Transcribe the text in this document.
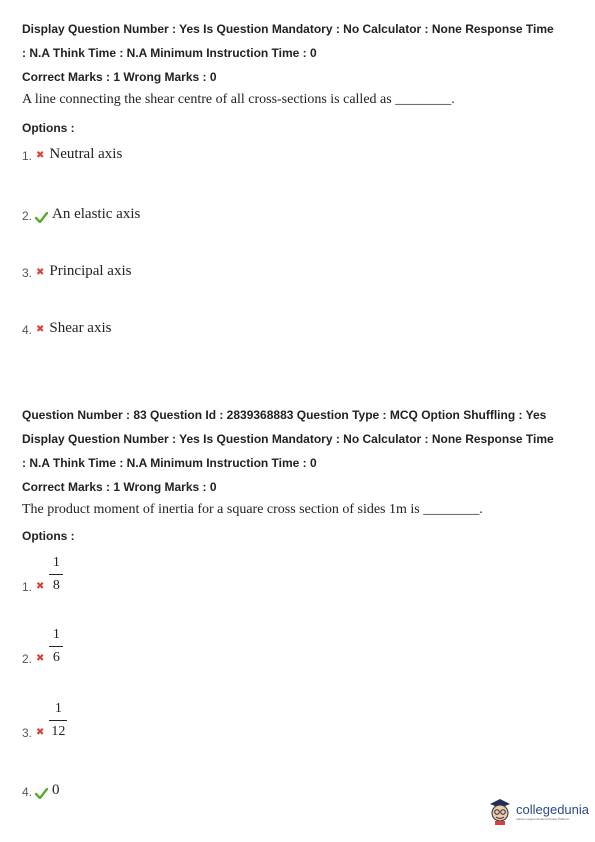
Display Question Number : Yes Is Question Mandatory : No Calculator : None Response Time

: N.A Think Time : N.A Minimum Instruction Time : 0

Correct Marks : 1 Wrong Marks : 0

A line connecting the shear centre of all cross-sections is called as ________.
Options :
1. ✖ Neutral axis
2. An elastic axis
3. ✖ Principal axis
4. ✖ Shear axis

Question Number : 83 Question Id : 2839368883 Question Type : MCQ Option Shuffling : Yes

Display Question Number : Yes Is Question Mandatory : No Calculator : None Response Time

: N.A Think Time : N.A Minimum Instruction Time : 0

Correct Marks : 1 Wrong Marks : 0

The product moment of inertia for a square cross section of sides 1m is ________.
Options :
1. ✖ $\frac{1}{8}$
2. ✖ $\frac{1}{6}$
3. ✖ $\frac{1}{12}$
4. 0
collegedunia
India's Largest Student Review Platform
